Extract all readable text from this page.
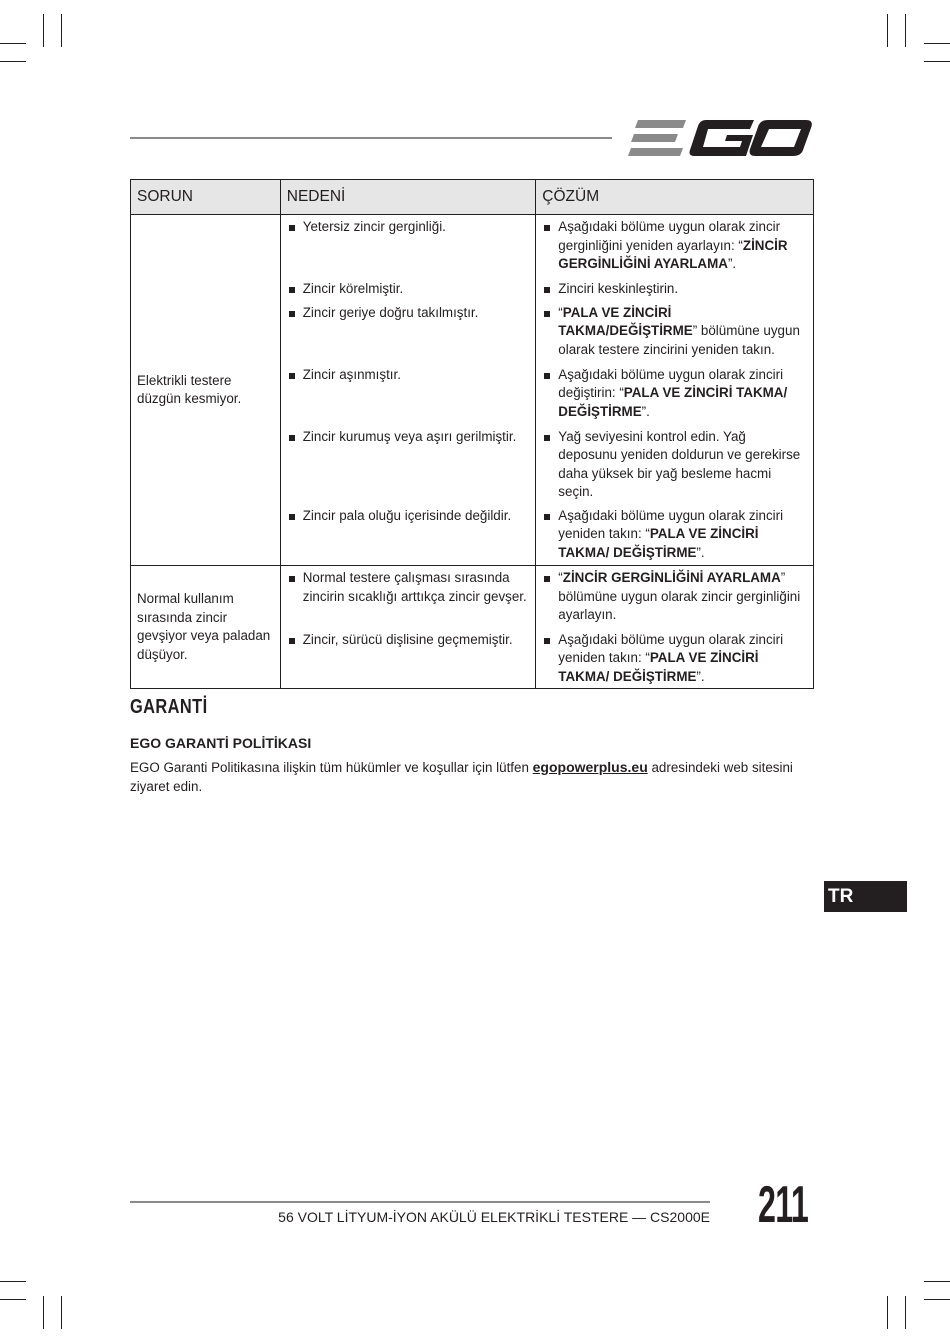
SORUN	NEDENİ	ÇÖZÜM
Elektrikli testere düzgün kesmiyor.	Yetersiz zincir gerginliği.	Aşağıdaki bölüme uygun olarak zincir gerginliğini yeniden ayarlayın: “ZİNCİR GERGİNLİĞİNİ AYARLAMA”.

	Zincir körelmiştir.	Zinciri keskinleştirin.

	Zincir geriye doğru takılmıştır.	“PALA VE ZİNCİRİ TAKMA/DEĞİŞTİRME” bölümüne uygun olarak testere zincirini yeniden takın.

	Zincir aşınmıştır.	Aşağıdaki bölüme uygun olarak zinciri değiştirin: “PALA VE ZİNCİRİ TAKMA/ DEĞİŞTİRME”.

	Zincir kurumuş veya aşırı gerilmiştir.	Yağ seviyesini kontrol edin. Yağ deposunu yeniden doldurun ve gerekirse daha yüksek bir yağ besleme hacmi seçin.

	Zincir pala oluğu içerisinde değildir.	Aşağıdaki bölüme uygun olarak zinciri yeniden takın: “PALA VE ZİNCİRİ TAKMA/ DEĞİŞTİRME”.

Normal kullanım sırasında zincir gevşiyor veya paladan düşüyor.	Normal testere çalışması sırasında zincirin sıcaklığı arttıkça zincir gevşer.	“ZİNCİR GERGİNLİĞİNİ AYARLAMA” bölümüne uygun olarak zincir gerginliğini ayarlayın.

	Zincir, sürücü dişlisine geçmemiştir.	Aşağıdaki bölüme uygun olarak zinciri yeniden takın: “PALA VE ZİNCİRİ TAKMA/ DEĞİŞTİRME”.

GARANTİ
EGO GARANTİ POLİTİKASI

EGO Garanti Politikasına ilişkin tüm hükümler ve koşullar için lütfen egopowerplus.eu adresindeki web sitesini ziyaret edin.

TR
56 VOLT LİTYUM-İYON AKÜLÜ ELEKTRİKLİ TESTERE — CS2000E 211
